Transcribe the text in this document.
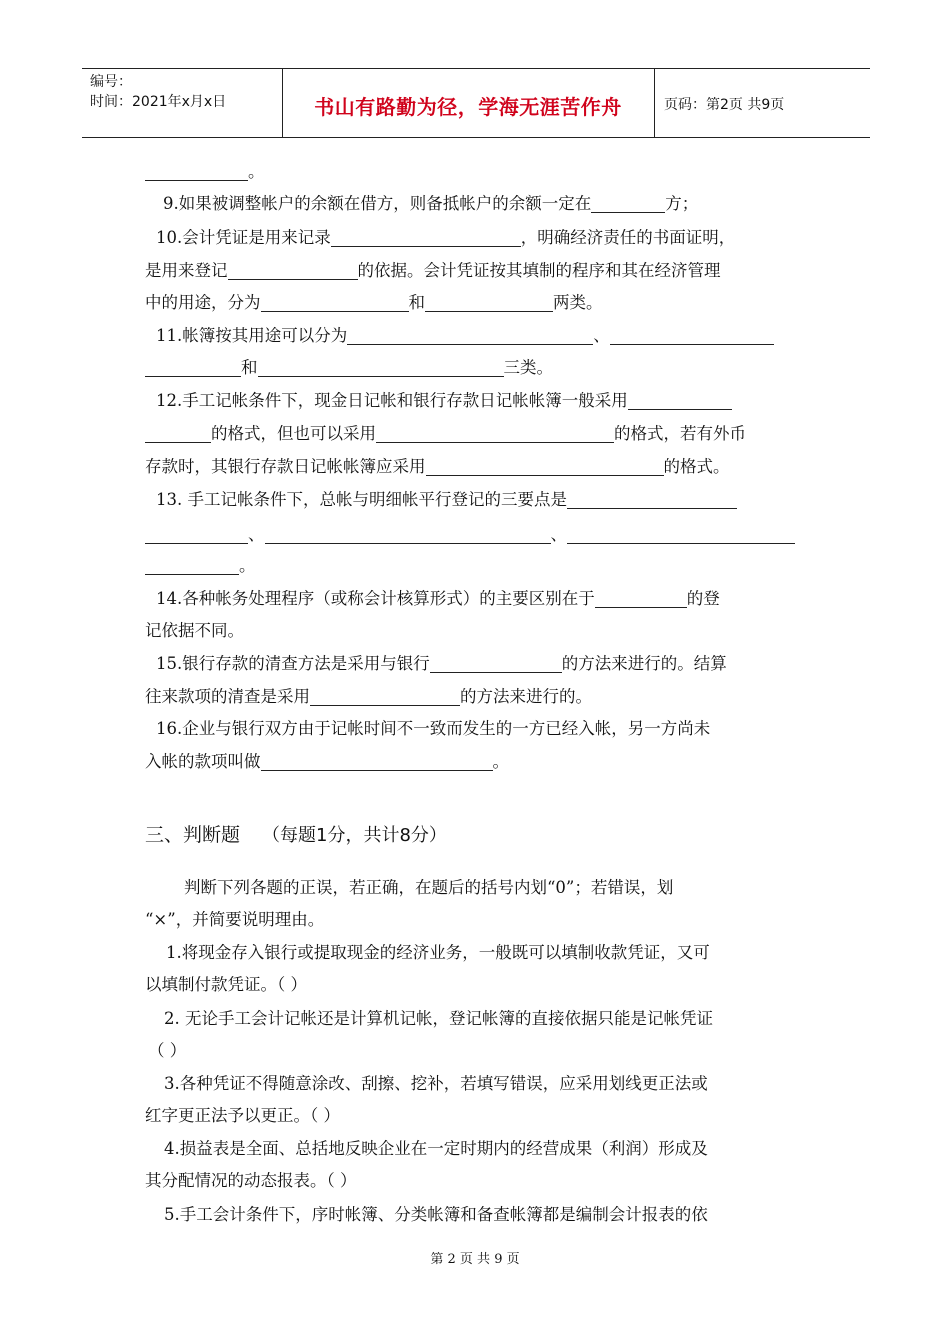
编号：
时间：2021年x月x日	书山有路勤为径，学海无涯苦作舟	页码：第2页 共9页
。
9.如果被调整帐户的余额在借方，则备抵帐户的余额一定在	方；
10.会计凭证是用来记录	，明确经济责任的书面证明，
是用来登记	的依据。会计凭证按其填制的程序和其在经济管理
中的用途，分为	和	两类。
11.帐簿按其用途可以分为	、
和	三类。
12.手工记帐条件下，现金日记帐和银行存款日记帐帐簿一般采用
的格式，但也可以采用	的格式，若有外币
存款时，其银行存款日记帐帐簿应采用	的格式。
13. 手工记帐条件下，总帐与明细帐平行登记的三要点是
、	、
。
14.各种帐务处理程序（或称会计核算形式）的主要区别在于	的登
记依据不同。
15.银行存款的清查方法是采用与银行	的方法来进行的。结算
往来款项的清查是采用	的方法来进行的。
16.企业与银行双方由于记帐时间不一致而发生的一方已经入帐，另一方尚未
入帐的款项叫做	。
三、判断题 （每题1分，共计8分）
判断下列各题的正误，若正确，在题后的括号内划“0”；若错误，划
“×”，并简要说明理由。
1.将现金存入银行或提取现金的经济业务，一般既可以填制收款凭证，又可
以填制付款凭证。（ ）
2. 无论手工会计记帐还是计算机记帐，登记帐簿的直接依据只能是记帐凭证
（ ）
3.各种凭证不得随意涂改、刮擦、挖补，若填写错误，应采用划线更正法或
红字更正法予以更正。（ ）
4.损益表是全面、总括地反映企业在一定时期内的经营成果（利润）形成及
其分配情况的动态报表。（ ）
5.手工会计条件下，序时帐簿、分类帐簿和备查帐簿都是编制会计报表的依
第 2 页 共 9 页
